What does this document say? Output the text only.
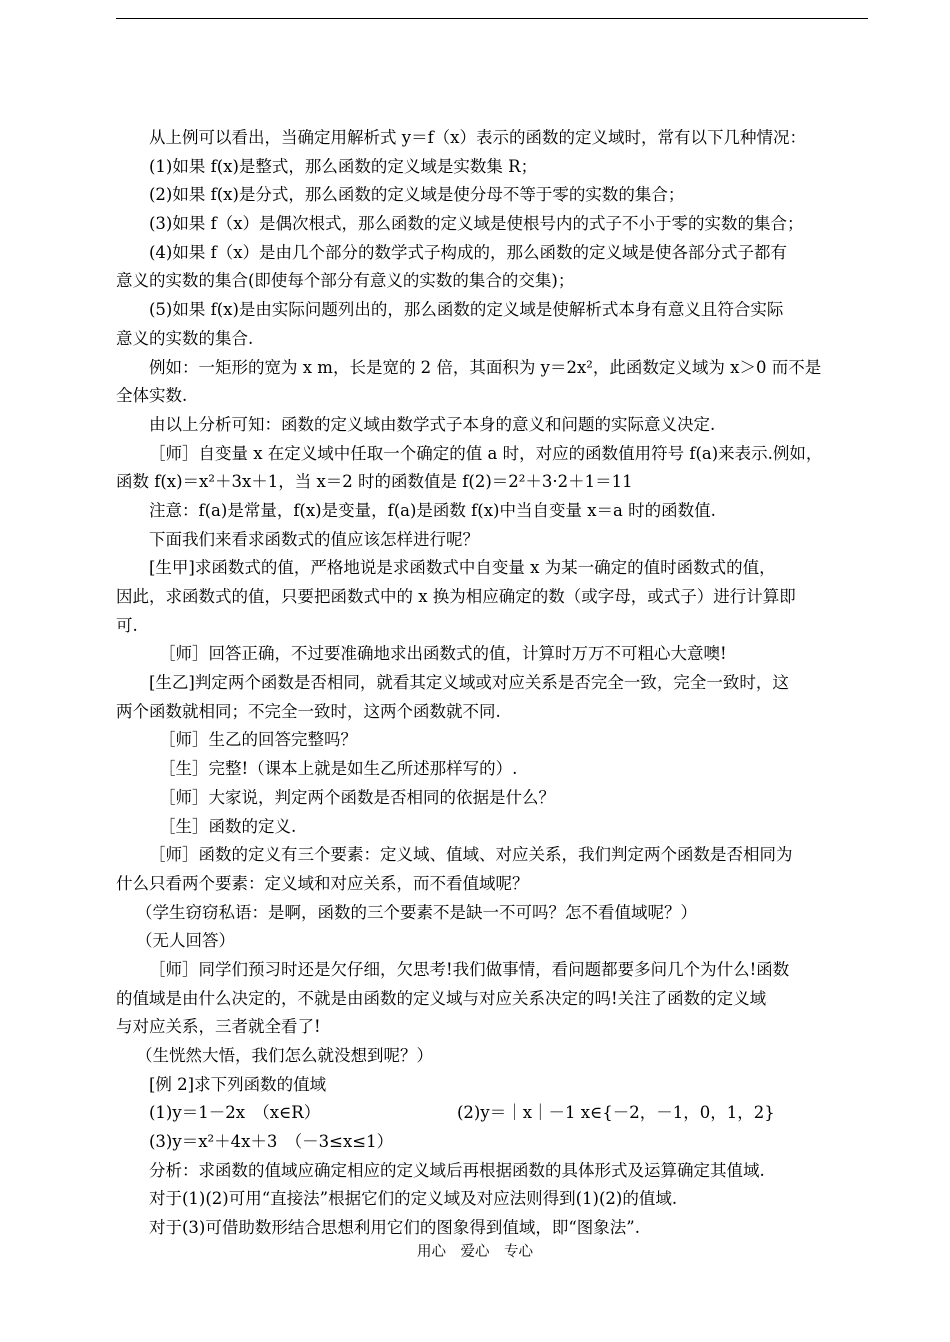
从上例可以看出，当确定用解析式 y＝f（x）表示的函数的定义域时，常有以下几种情况：
(1)如果 f(x)是整式，那么函数的定义域是实数集 R；
(2)如果 f(x)是分式，那么函数的定义域是使分母不等于零的实数的集合；
(3)如果 f（x）是偶次根式，那么函数的定义域是使根号内的式子不小于零的实数的集合；
(4)如果 f（x）是由几个部分的数学式子构成的，那么函数的定义域是使各部分式子都有
意义的实数的集合(即使每个部分有意义的实数的集合的交集)；
(5)如果 f(x)是由实际问题列出的，那么函数的定义域是使解析式本身有意义且符合实际
意义的实数的集合.
例如：一矩形的宽为 x m，长是宽的 2 倍，其面积为 y＝2x²，此函数定义域为 x＞0 而不是
全体实数.
由以上分析可知：函数的定义域由数学式子本身的意义和问题的实际意义决定.
［师］自变量 x 在定义域中任取一个确定的值 a 时，对应的函数值用符号 f(a)来表示.例如，
函数 f(x)＝x²＋3x＋1，当 x＝2 时的函数值是 f(2)＝2²＋3·2＋1＝11
注意：f(a)是常量，f(x)是变量，f(a)是函数 f(x)中当自变量 x＝a 时的函数值.
下面我们来看求函数式的值应该怎样进行呢？
[生甲]求函数式的值，严格地说是求函数式中自变量 x 为某一确定的值时函数式的值，
因此，求函数式的值，只要把函数式中的 x 换为相应确定的数（或字母，或式子）进行计算即
可.
［师］回答正确，不过要准确地求出函数式的值，计算时万万不可粗心大意噢!
[生乙]判定两个函数是否相同，就看其定义域或对应关系是否完全一致，完全一致时，这
两个函数就相同；不完全一致时，这两个函数就不同.
［师］生乙的回答完整吗？
［生］完整!（课本上就是如生乙所述那样写的）.
［师］大家说，判定两个函数是否相同的依据是什么？
［生］函数的定义.
［师］函数的定义有三个要素：定义域、值域、对应关系，我们判定两个函数是否相同为
什么只看两个要素：定义域和对应关系，而不看值域呢？
（学生窃窃私语：是啊，函数的三个要素不是缺一不可吗？怎不看值域呢？）
（无人回答）
［师］同学们预习时还是欠仔细，欠思考!我们做事情，看问题都要多问几个为什么!函数
的值域是由什么决定的，不就是由函数的定义域与对应关系决定的吗!关注了函数的定义域
与对应关系，三者就全看了!
（生恍然大悟，我们怎么就没想到呢？）
[例 2]求下列函数的值域
(1)y＝1－2x　（x∈R）	(2)y＝｜x｜－1 x∈{－2，－1，0，1，2}
(3)y＝x²＋4x＋3　（－3≤x≤1）
分析：求函数的值域应确定相应的定义域后再根据函数的具体形式及运算确定其值域.
对于(1)(2)可用“直接法”根据它们的定义域及对应法则得到(1)(2)的值域.
对于(3)可借助数形结合思想利用它们的图象得到值域，即“图象法”.
用心　爱心　专心
